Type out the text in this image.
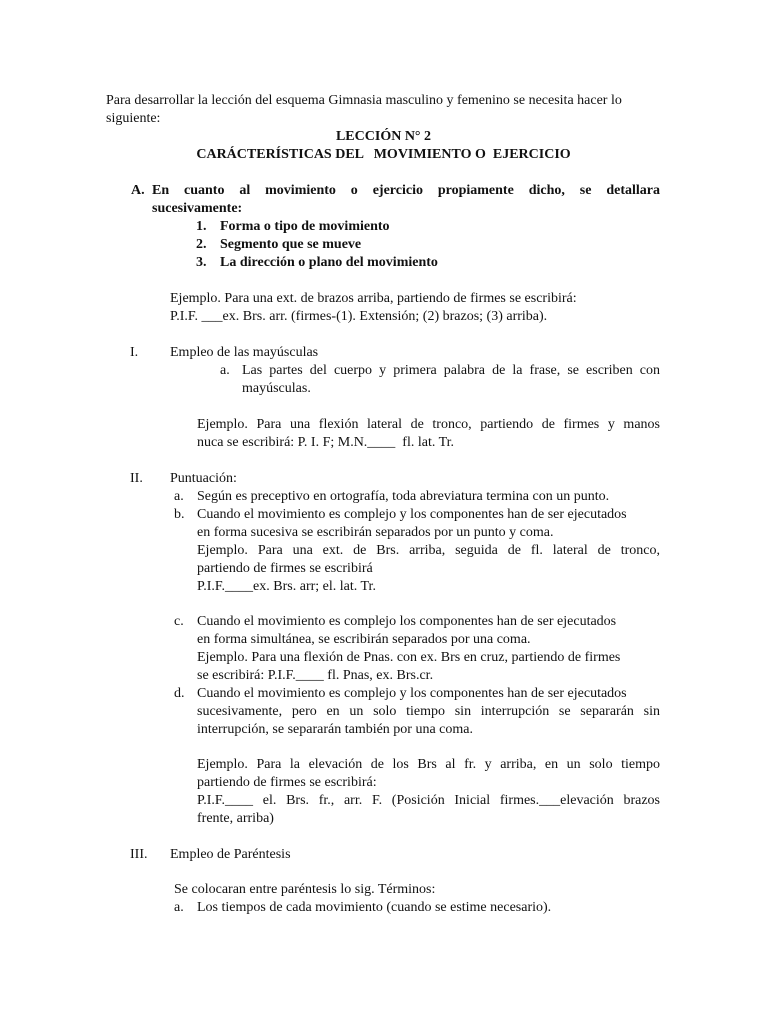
Para desarrollar la lección del esquema Gimnasia masculino y femenino se necesita hacer lo siguiente:
LECCIÓN N° 2
CARÁCTERÍSTICAS DEL   MOVIMIENTO O  EJERCICIO
A. En cuanto al movimiento o ejercicio propiamente dicho, se detallara
sucesivamente:
1. Forma o tipo de movimiento
2. Segmento que se mueve
3. La dirección o plano del movimiento
Ejemplo. Para una ext. de brazos arriba, partiendo de firmes se escribirá:
P.I.F. ___ex. Brs. arr. (firmes-(1). Extensión; (2) brazos; (3) arriba).
I. Empleo de las mayúsculas
a. Las partes del cuerpo y primera palabra de la frase, se escriben con
mayúsculas.
Ejemplo. Para una flexión lateral de tronco, partiendo de firmes y manos
nuca se escribirá: P. I. F; M.N.____  fl. lat. Tr.
II. Puntuación:
a. Según es preceptivo en ortografía, toda abreviatura termina con un punto.
b. Cuando el movimiento es complejo y los componentes han de ser ejecutados
en forma sucesiva se escribirán separados por un punto y coma.
Ejemplo. Para una ext. de Brs. arriba, seguida de fl. lateral de tronco,
partiendo de firmes se escribirá
P.I.F.____ex. Brs. arr; el. lat. Tr.
c. Cuando el movimiento es complejo los componentes han de ser ejecutados
en forma simultánea, se escribirán separados por una coma.
Ejemplo. Para una flexión de Pnas. con ex. Brs en cruz, partiendo de firmes
se escribirá: P.I.F.____ fl. Pnas, ex. Brs.cr.
d. Cuando el movimiento es complejo y los componentes han de ser ejecutados
sucesivamente, pero en un solo tiempo sin interrupción se separarán sin
interrupción, se separarán también por una coma.
Ejemplo. Para la elevación de los Brs al fr. y arriba, en un solo tiempo
partiendo de firmes se escribirá:
P.I.F.____ el. Brs. fr., arr. F. (Posición Inicial firmes.___elevación brazos
frente, arriba)
III. Empleo de Paréntesis
Se colocaran entre paréntesis lo sig. Términos:
a. Los tiempos de cada movimiento (cuando se estime necesario).
